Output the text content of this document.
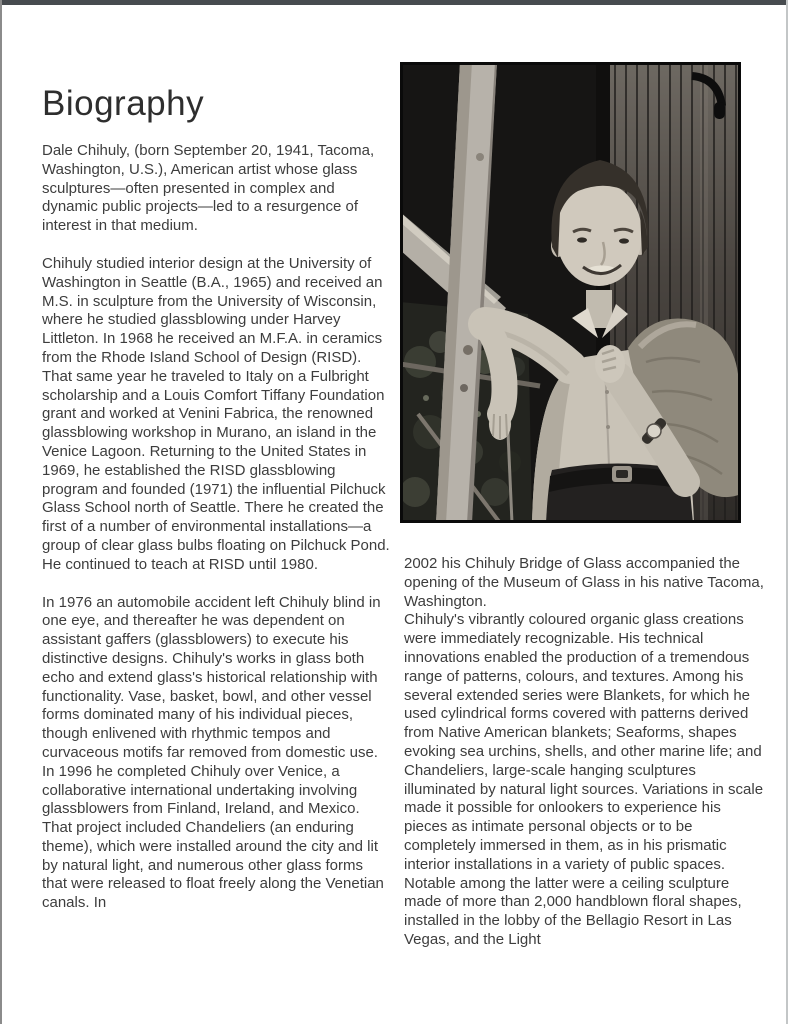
Biography

Dale Chihuly, (born September 20, 1941, Tacoma, Washington, U.S.), American artist whose glass sculptures—often presented in complex and dynamic public projects—led to a resurgence of interest in that medium.

Chihuly studied interior design at the University of Washington in Seattle (B.A., 1965) and received an M.S. in sculpture from the University of Wisconsin, where he studied glassblowing under Harvey Littleton. In 1968 he received an M.F.A. in ceramics from the Rhode Island School of Design (RISD). That same year he traveled to Italy on a Fulbright scholarship and a Louis Comfort Tiffany Foundation grant and worked at Venini Fabrica, the renowned glassblowing workshop in Murano, an island in the Venice Lagoon. Returning to the United States in 1969, he established the RISD glassblowing program and founded (1971) the influential Pilchuck Glass School north of Seattle. There he created the first of a number of environmental installations—a group of clear glass bulbs floating on Pilchuck Pond. He continued to teach at RISD until 1980.

In 1976 an automobile accident left Chihuly blind in one eye, and thereafter he was dependent on assistant gaffers (glassblowers) to execute his distinctive designs. Chihuly's works in glass both echo and extend glass's historical relationship with functionality. Vase, basket, bowl, and other vessel forms dominated many of his individual pieces, though enlivened with rhythmic tempos and curvaceous motifs far removed from domestic use. In 1996 he completed Chihuly over Venice, a collaborative international undertaking involving glassblowers from Finland, Ireland, and Mexico. That project included Chandeliers (an enduring theme), which were installed around the city and lit by natural light, and numerous other glass forms that were released to float freely along the Venetian canals. In

2002 his Chihuly Bridge of Glass accompanied the opening of the Museum of Glass in his native Tacoma, Washington.

Chihuly's vibrantly coloured organic glass creations were immediately recognizable. His technical innovations enabled the production of a tremendous range of patterns, colours, and textures. Among his several extended series were Blankets, for which he used cylindrical forms covered with patterns derived from Native American blankets; Seaforms, shapes evoking sea urchins, shells, and other marine life; and Chandeliers, large-scale hanging sculptures illuminated by natural light sources. Variations in scale made it possible for onlookers to experience his pieces as intimate personal objects or to be completely immersed in them, as in his prismatic interior installations in a variety of public spaces. Notable among the latter were a ceiling sculpture made of more than 2,000 handblown floral shapes, installed in the lobby of the Bellagio Resort in Las Vegas, and the Light
